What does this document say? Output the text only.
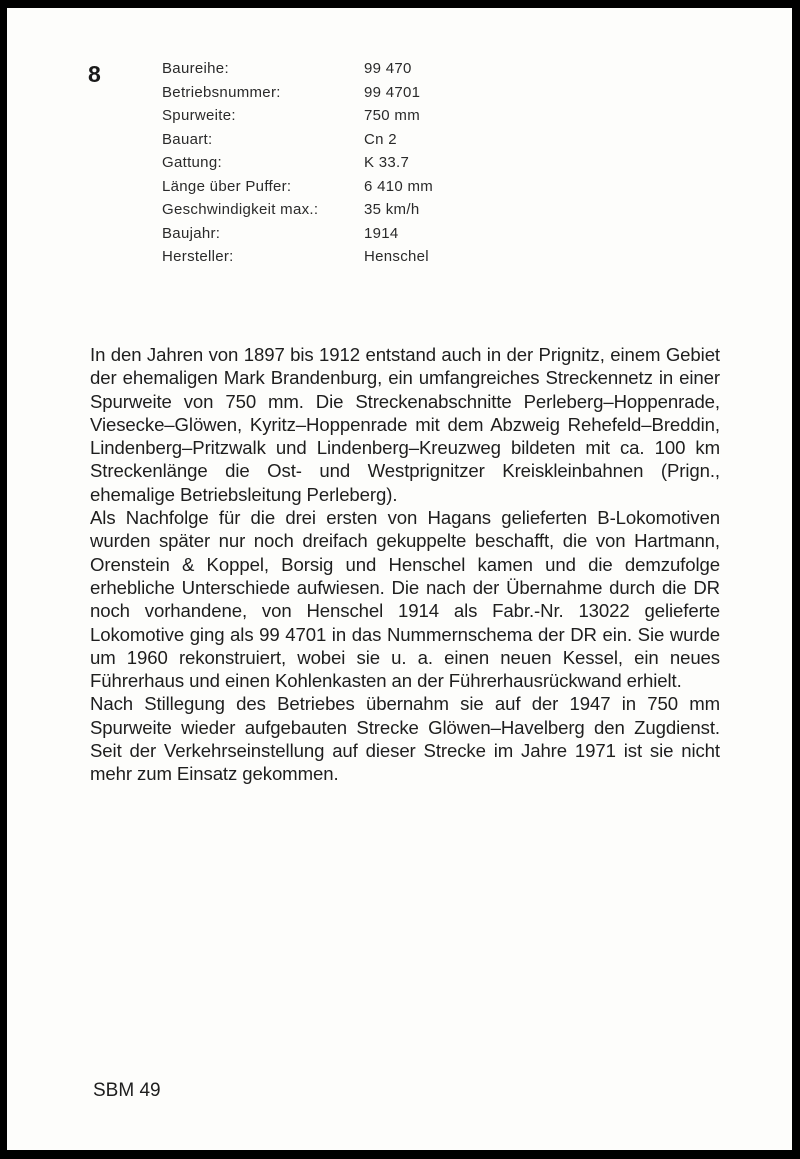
8	Baureihe:	99 470
Betriebsnummer:	99 4701
Spurweite:	750 mm
Bauart:	Cn 2
Gattung:	K 33.7
Länge über Puffer:	6 410 mm
Geschwindigkeit max.:	35 km/h
Baujahr:	1914
Hersteller:	Henschel

In den Jahren von 1897 bis 1912 entstand auch in der Prignitz, einem Gebiet der ehemaligen Mark Brandenburg, ein umfangreiches Streckennetz in einer Spurweite von 750 mm. Die Streckenabschnitte Perleberg–Hoppenrade, Viesecke–Glöwen, Kyritz–Hoppenrade mit dem Abzweig Rehefeld–Breddin, Lindenberg–Pritzwalk und Lindenberg–Kreuzweg bildeten mit ca. 100 km Streckenlänge die Ost- und Westprignitzer Kreiskleinbahnen (Prign., ehemalige Betriebsleitung Perleberg).

Als Nachfolge für die drei ersten von Hagans gelieferten B-Lokomotiven wurden später nur noch dreifach gekuppelte beschafft, die von Hartmann, Orenstein & Koppel, Borsig und Henschel kamen und die demzufolge erhebliche Unterschiede aufwiesen. Die nach der Übernahme durch die DR noch vorhandene, von Henschel 1914 als Fabr.-Nr. 13022 gelieferte Lokomotive ging als 99 4701 in das Nummernschema der DR ein. Sie wurde um 1960 rekonstruiert, wobei sie u. a. einen neuen Kessel, ein neues Führerhaus und einen Kohlenkasten an der Führerhausrückwand erhielt.

Nach Stillegung des Betriebes übernahm sie auf der 1947 in 750 mm Spurweite wieder aufgebauten Strecke Glöwen–Havelberg den Zugdienst. Seit der Verkehrseinstellung auf dieser Strecke im Jahre 1971 ist sie nicht mehr zum Einsatz gekommen.

SBM 49
